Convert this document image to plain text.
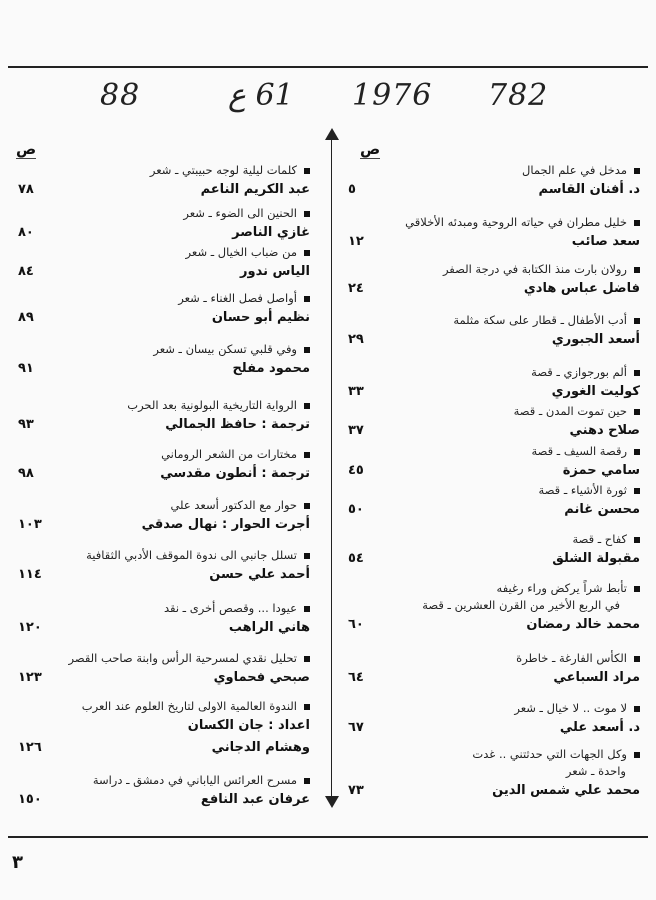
782
1976
61 ع
88
ص
ص
مدخل في علم الجمال
د. أفنان القاسم
٥
خليل مطران في حياته الروحية ومبدئه الأخلاقي
سعد صائب
١٢
رولان بارت منذ الكتابة في درجة الصفر
فاضل عباس هادي
٢٤
أدب الأطفال ـ قطار على سكة مثلمة
أسعد الجبوري
٢٩
ألم بورجوازي ـ قصة
كوليت الغوري
٣٣
حين تموت المدن ـ قصة
صلاح دهني
٣٧
رقصة السيف ـ قصة
سامي حمزة
٤٥
ثورة الأشياء ـ قصة
محسن غانم
٥٠
كفاح ـ قصة
مقبولة الشلق
٥٤
تأبط شراً يركض وراء رغيفه
في الربع الأخير من القرن العشرين ـ قصة
محمد خالد رمضان
٦٠
الكأس الفارغة ـ خاطرة
مراد السباعي
٦٤
لا موت .. لا خيال ـ شعر
د. أسعد علي
٦٧
وكل الجهات التي حدثتني .. غدت
واحدة ـ شعر
محمد علي شمس الدين
٧٣
كلمات ليلية لوجه حبيبتي ـ شعر
عبد الكريم الناعم
٧٨
الحنين الى الضوء ـ شعر
غازي الناصر
٨٠
من ضباب الخيال ـ شعر
الياس ندور
٨٤
أواصل فصل الغناء ـ شعر
نظيم أبو حسان
٨٩
وفي قلبي تسكن بيسان ـ شعر
محمود مفلح
٩١
الرواية التاريخية البولونية بعد الحرب
ترجمة : حافظ الجمالي
٩٣
مختارات من الشعر الروماني
ترجمة : أنطون مقدسي
٩٨
حوار مع الدكتور أسعد علي
أجرت الحوار : نهال صدقي
١٠٣
تسلل جانبي الى ندوة الموقف الأدبي الثقافية
أحمد علي حسن
١١٤
عيودا ... وقصص أخرى ـ نقد
هاني الراهب
١٢٠
تحليل نقدي لمسرحية الرأس وابنة صاحب القصر
صبحي فحماوي
١٢٣
الندوة العالمية الاولى لتاريخ العلوم عند العرب
اعداد : جان الكسان
وهشام الدجاني
١٢٦
مسرح العرائس الياباني في دمشق ـ دراسة
عرفان عبد النافع
١٥٠
٣
